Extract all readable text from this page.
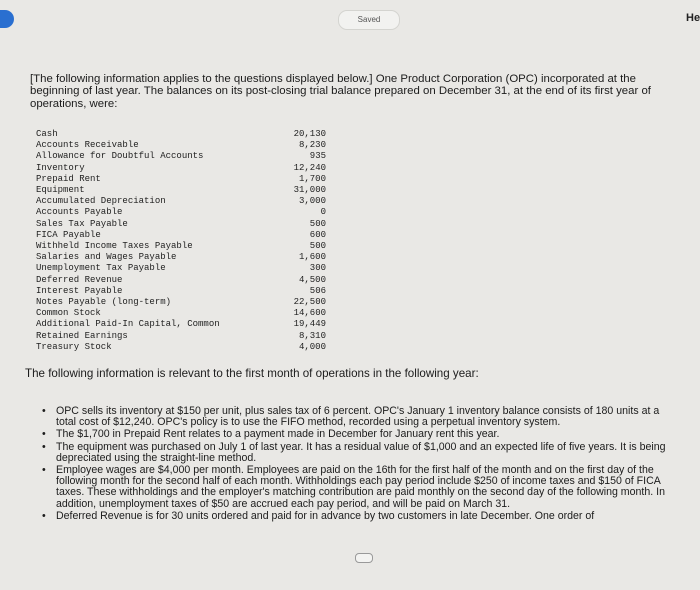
Saved	He
[The following information applies to the questions displayed below.] One Product Corporation (OPC) incorporated at the beginning of last year. The balances on its post-closing trial balance prepared on December 31, at the end of its first year of operations, were:
Cash	20,130
Accounts Receivable	8,230
Allowance for Doubtful Accounts	935
Inventory	12,240
Prepaid Rent	1,700
Equipment	31,000
Accumulated Depreciation	3,000
Accounts Payable	0
Sales Tax Payable	500
FICA Payable	600
Withheld Income Taxes Payable	500
Salaries and Wages Payable	1,600
Unemployment Tax Payable	300
Deferred Revenue	4,500
Interest Payable	506
Notes Payable (long-term)	22,500
Common Stock	14,600
Additional Paid-In Capital, Common	19,449
Retained Earnings	8,310
Treasury Stock	4,000
The following information is relevant to the first month of operations in the following year:
• OPC sells its inventory at $150 per unit, plus sales tax of 6 percent. OPC's January 1 inventory balance consists of 180 units at a total cost of $12,240. OPC's policy is to use the FIFO method, recorded using a perpetual inventory system.
• The $1,700 in Prepaid Rent relates to a payment made in December for January rent this year.
• The equipment was purchased on July 1 of last year. It has a residual value of $1,000 and an expected life of five years. It is being depreciated using the straight-line method.
• Employee wages are $4,000 per month. Employees are paid on the 16th for the first half of the month and on the first day of the following month for the second half of each month. Withholdings each pay period include $250 of income taxes and $150 of FICA taxes. These withholdings and the employer's matching contribution are paid monthly on the second day of the following month. In addition, unemployment taxes of $50 are accrued each pay period, and will be paid on March 31.
• Deferred Revenue is for 30 units ordered and paid for in advance by two customers in late December. One order of
